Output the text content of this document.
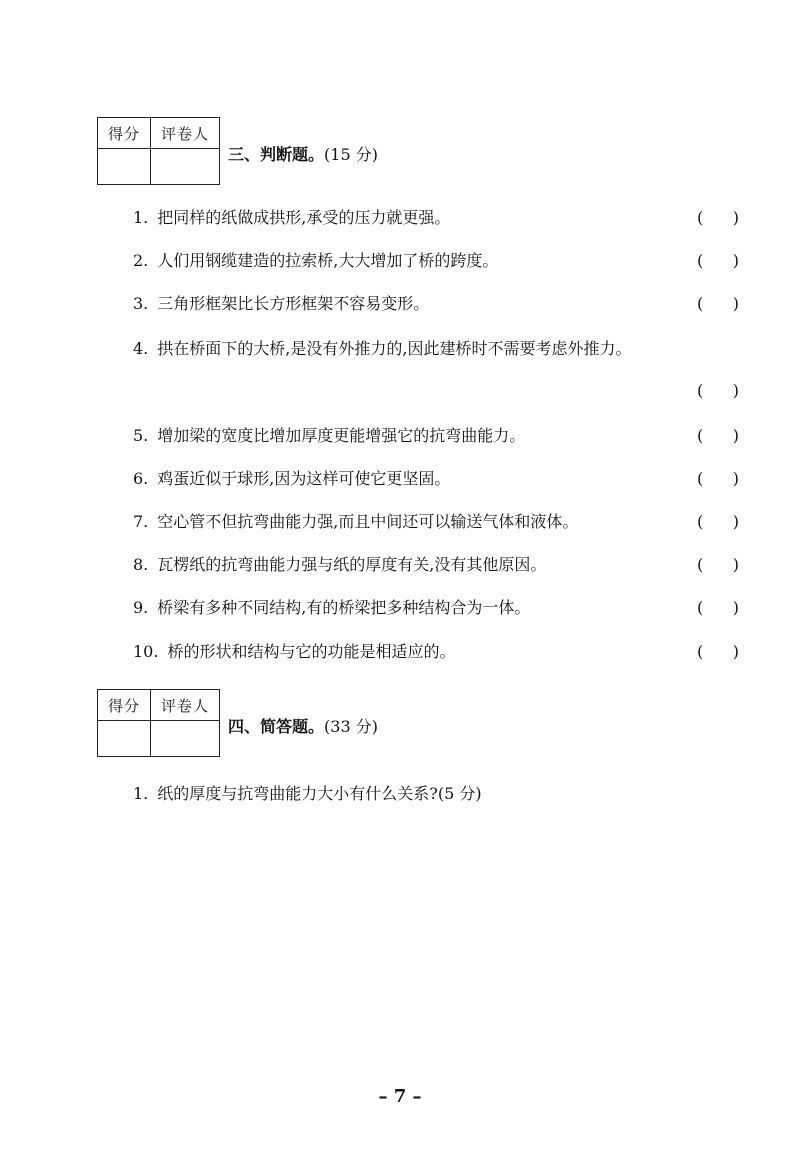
得分	评卷人
三、判断题。(15 分)
1. 把同样的纸做成拱形,承受的压力就更强。	( )
2. 人们用钢缆建造的拉索桥,大大增加了桥的跨度。	( )
3. 三角形框架比长方形框架不容易变形。	( )
4. 拱在桥面下的大桥,是没有外推力的,因此建桥时不需要考虑外推力。
( )
5. 增加梁的宽度比增加厚度更能增强它的抗弯曲能力。	( )
6. 鸡蛋近似于球形,因为这样可使它更坚固。	( )
7. 空心管不但抗弯曲能力强,而且中间还可以输送气体和液体。	( )
8. 瓦楞纸的抗弯曲能力强与纸的厚度有关,没有其他原因。	( )
9. 桥梁有多种不同结构,有的桥梁把多种结构合为一体。	( )
10. 桥的形状和结构与它的功能是相适应的。	( )
得分	评卷人
四、简答题。(33 分)
1. 纸的厚度与抗弯曲能力大小有什么关系?(5 分)
– 7 –
